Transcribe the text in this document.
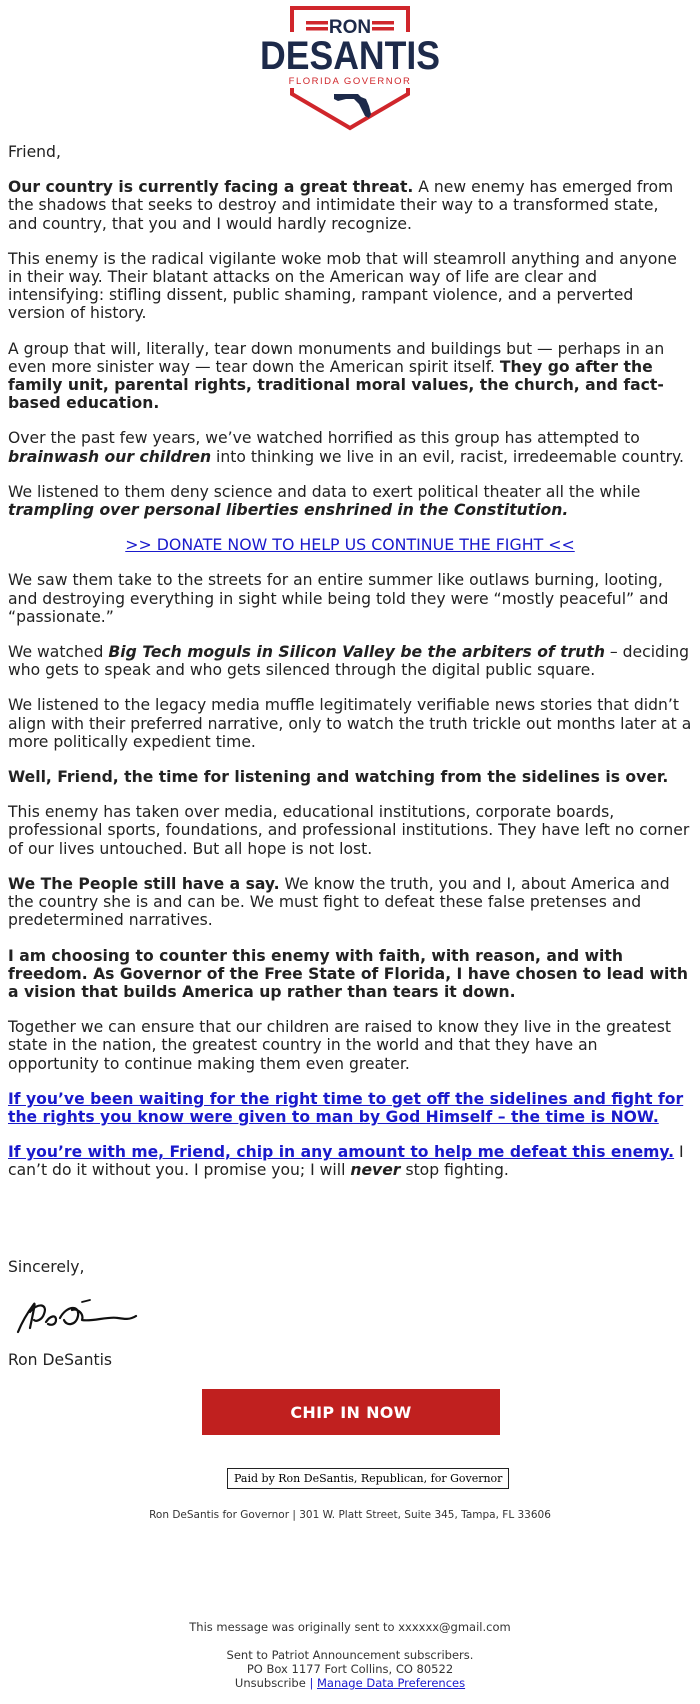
RON
DESANTIS
FLORIDA GOVERNOR

Friend,

Our country is currently facing a great threat. A new enemy has emerged from the shadows that seeks to destroy and intimidate their way to a transformed state, and country, that you and I would hardly recognize.

This enemy is the radical vigilante woke mob that will steamroll anything and anyone in their way. Their blatant attacks on the American way of life are clear and intensifying: stifling dissent, public shaming, rampant violence, and a perverted version of history.

A group that will, literally, tear down monuments and buildings but — perhaps in an even more sinister way — tear down the American spirit itself. They go after the family unit, parental rights, traditional moral values, the church, and fact-based education.

Over the past few years, we’ve watched horrified as this group has attempted to brainwash our children into thinking we live in an evil, racist, irredeemable country.

We listened to them deny science and data to exert political theater all the while trampling over personal liberties enshrined in the Constitution.

>> DONATE NOW TO HELP US CONTINUE THE FIGHT <<

We saw them take to the streets for an entire summer like outlaws burning, looting, and destroying everything in sight while being told they were “mostly peaceful” and “passionate.”

We watched Big Tech moguls in Silicon Valley be the arbiters of truth – deciding who gets to speak and who gets silenced through the digital public square.

We listened to the legacy media muffle legitimately verifiable news stories that didn’t align with their preferred narrative, only to watch the truth trickle out months later at a more politically expedient time.

Well, Friend, the time for listening and watching from the sidelines is over.

This enemy has taken over media, educational institutions, corporate boards, professional sports, foundations, and professional institutions. They have left no corner of our lives untouched. But all hope is not lost.

We The People still have a say. We know the truth, you and I, about America and the country she is and can be. We must fight to defeat these false pretenses and predetermined narratives.

I am choosing to counter this enemy with faith, with reason, and with freedom. As Governor of the Free State of Florida, I have chosen to lead with a vision that builds America up rather than tears it down.

Together we can ensure that our children are raised to know they live in the greatest state in the nation, the greatest country in the world and that they have an opportunity to continue making them even greater.

If you’ve been waiting for the right time to get off the sidelines and fight for the rights you know were given to man by God Himself – the time is NOW.

If you’re with me, Friend, chip in any amount to help me defeat this enemy. I can’t do it without you. I promise you; I will never stop fighting.

Sincerely,
Ron DeSantis
CHIP IN NOW
Paid by Ron DeSantis, Republican, for Governor
Ron DeSantis for Governor | 301 W. Platt Street, Suite 345, Tampa, FL 33606
This message was originally sent to xxxxxx@gmail.com
Sent to Patriot Announcement subscribers.
PO Box 1177 Fort Collins, CO 80522
Unsubscribe | Manage Data Preferences
